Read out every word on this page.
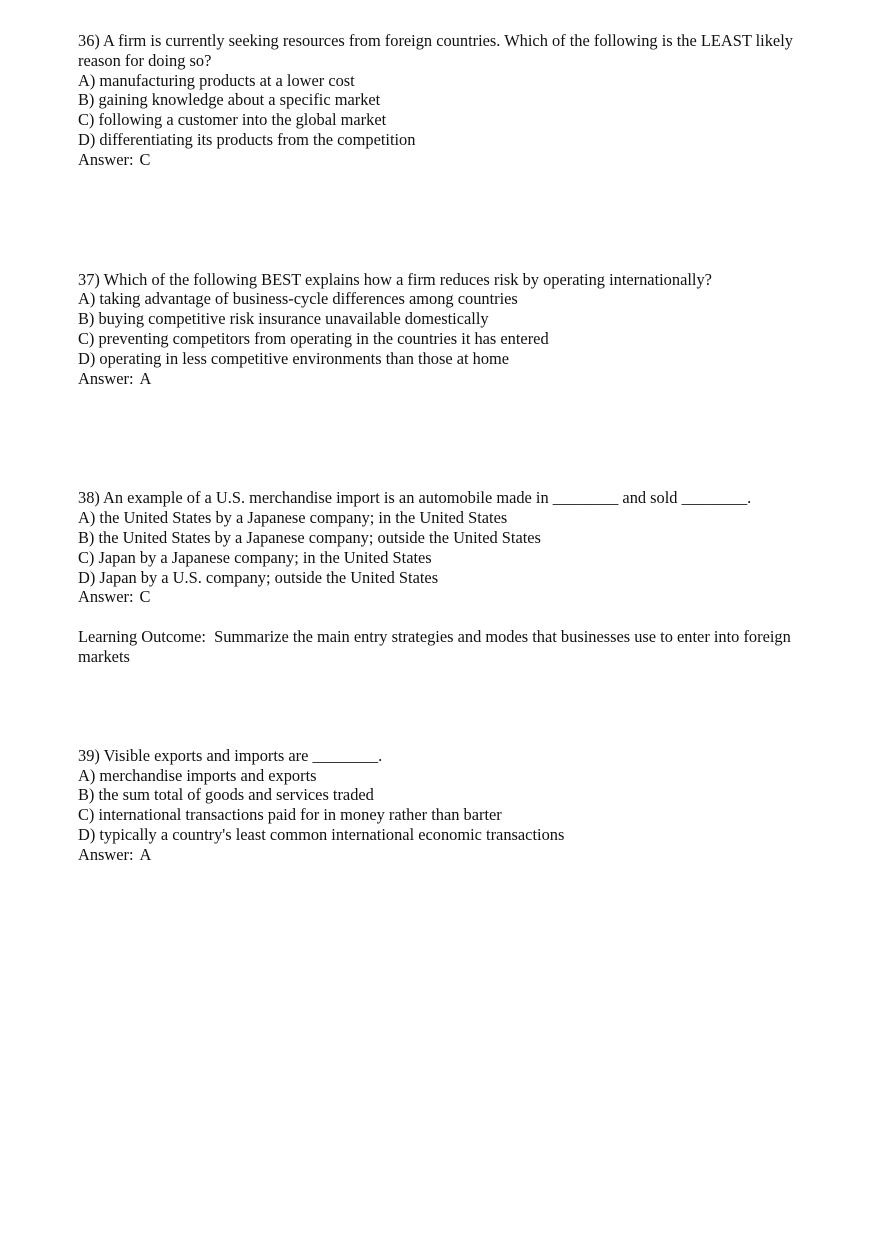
36) A firm is currently seeking resources from foreign countries. Which of the following is the LEAST likely reason for doing so?
A) manufacturing products at a lower cost
B) gaining knowledge about a specific market
C) following a customer into the global market
D) differentiating its products from the competition
Answer: C
37) Which of the following BEST explains how a firm reduces risk by operating internationally?
A) taking advantage of business-cycle differences among countries
B) buying competitive risk insurance unavailable domestically
C) preventing competitors from operating in the countries it has entered
D) operating in less competitive environments than those at home
Answer: A
38) An example of a U.S. merchandise import is an automobile made in ________ and sold ________.
A) the United States by a Japanese company; in the United States
B) the United States by a Japanese company; outside the United States
C) Japan by a Japanese company; in the United States
D) Japan by a U.S. company; outside the United States
Answer: C
Learning Outcome:  Summarize the main entry strategies and modes that businesses use to enter into foreign markets
39) Visible exports and imports are ________.
A) merchandise imports and exports
B) the sum total of goods and services traded
C) international transactions paid for in money rather than barter
D) typically a country's least common international economic transactions
Answer: A
